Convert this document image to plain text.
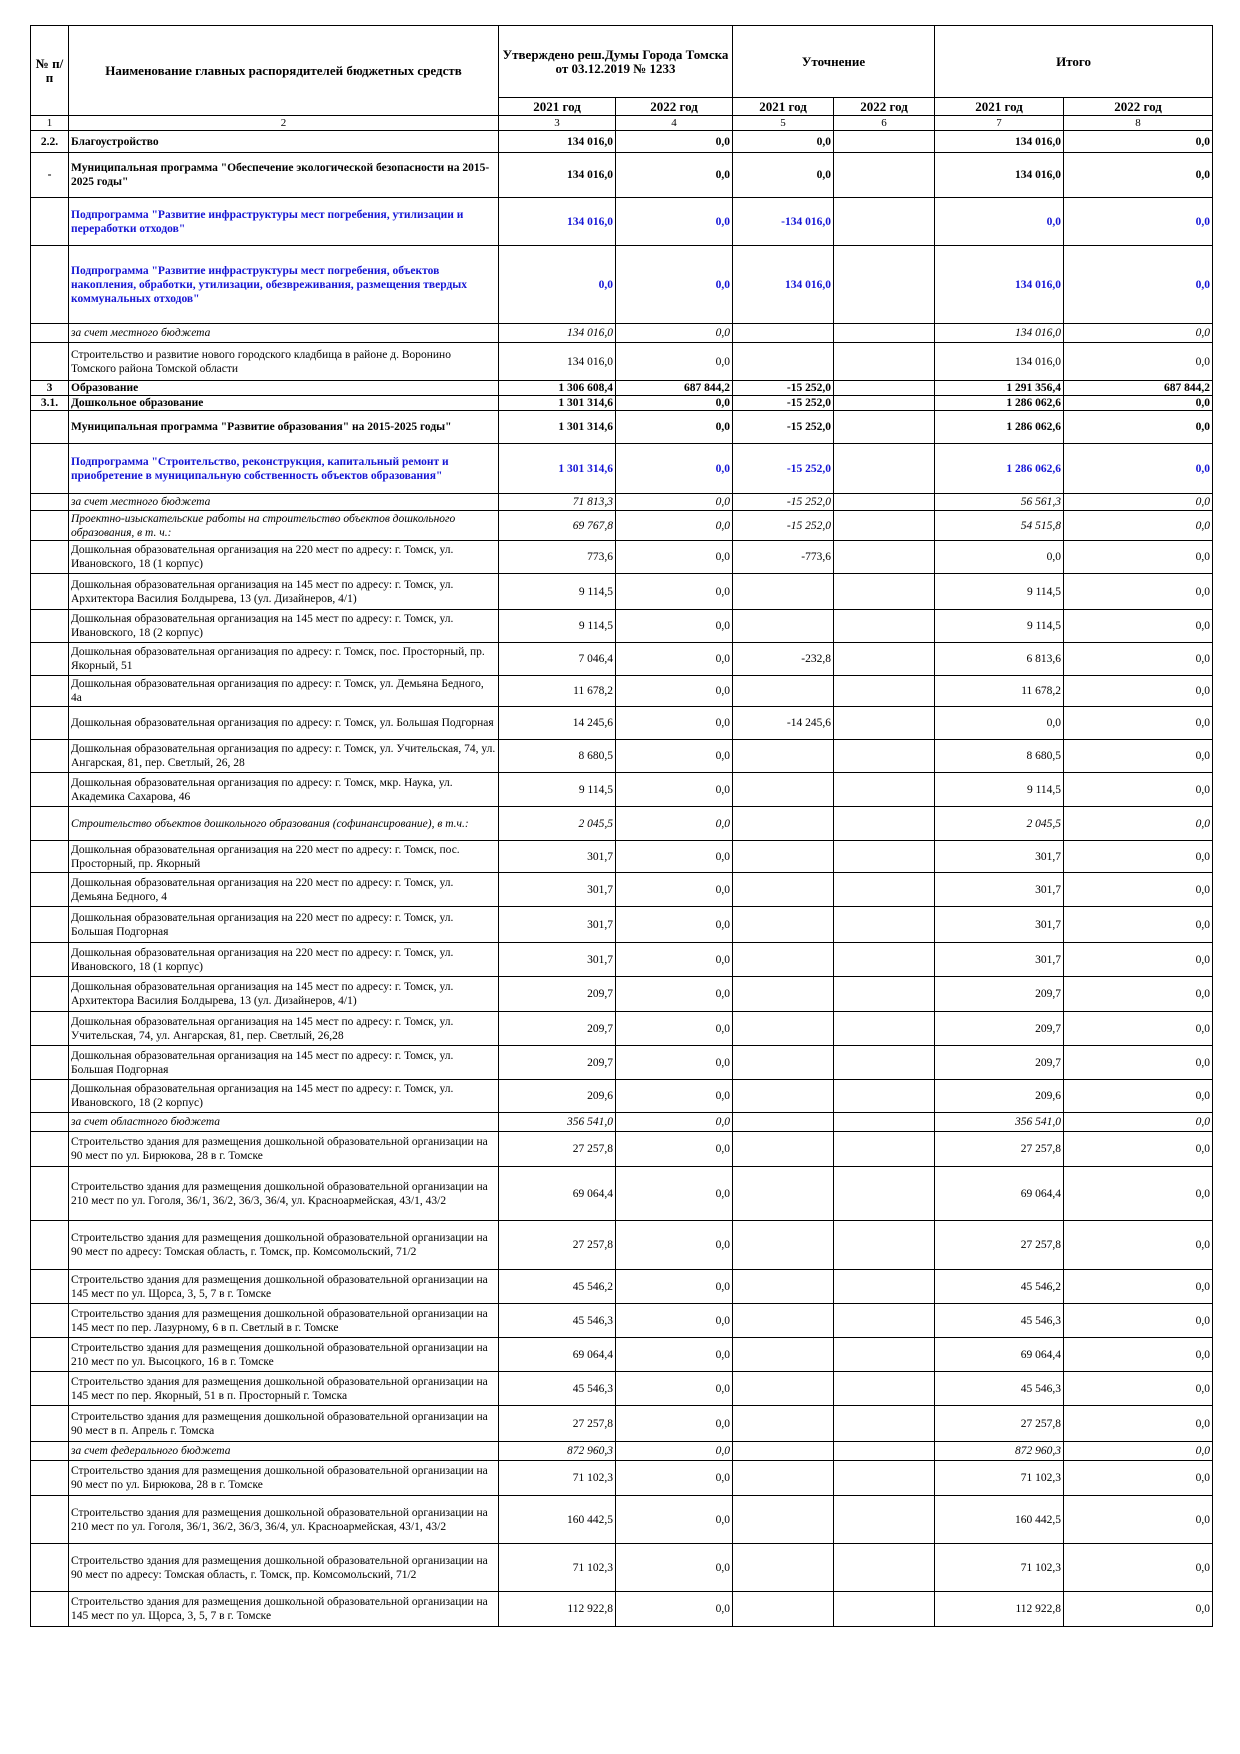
№ п/п	Наименование главных распорядителей бюджетных средств	Утверждено реш.Думы Города Томска от 03.12.2019 № 1233		Уточнение		Итого	
		2021 год	2022 год	2021 год	2022 год	2021 год	2022 год
1	2	3	4	5	6	7	8
2.2.	Благоустройство	134 016,0	0,0	0,0		134 016,0	0,0
-	Муниципальная программа "Обеспечение экологической безопасности на 2015-2025 годы"	134 016,0	0,0	0,0		134 016,0	0,0
	Подпрограмма "Развитие инфраструктуры мест погребения, утилизации и переработки отходов"	134 016,0	0,0	-134 016,0		0,0	0,0
	Подпрограмма "Развитие инфраструктуры мест погребения, объектов накопления, обработки, утилизации, обезвреживания, размещения твердых коммунальных отходов"	0,0	0,0	134 016,0		134 016,0	0,0
	за счет местного бюджета	134 016,0	0,0			134 016,0	0,0
	Строительство и развитие нового городского кладбища в районе д. Воронино Томского района Томской области	134 016,0	0,0			134 016,0	0,0
3	Образование	1 306 608,4	687 844,2	-15 252,0		1 291 356,4	687 844,2
3.1.	Дошкольное образование	1 301 314,6	0,0	-15 252,0		1 286 062,6	0,0
	Муниципальная программа "Развитие образования" на 2015-2025 годы"	1 301 314,6	0,0	-15 252,0		1 286 062,6	0,0
	Подпрограмма "Строительство, реконструкция, капитальный ремонт и приобретение в муниципальную собственность объектов образования"	1 301 314,6	0,0	-15 252,0		1 286 062,6	0,0
	за счет местного бюджета	71 813,3	0,0	-15 252,0		56 561,3	0,0
	Проектно-изыскательские работы на строительство объектов дошкольного образования, в т. ч.:	69 767,8	0,0	-15 252,0		54 515,8	0,0
	Дошкольная образовательная организация на 220 мест по адресу: г. Томск, ул. Ивановского, 18 (1 корпус)	773,6	0,0	-773,6		0,0	0,0
	Дошкольная образовательная организация на 145 мест по адресу: г. Томск, ул. Архитектора Василия Болдырева, 13 (ул. Дизайнеров, 4/1)	9 114,5	0,0			9 114,5	0,0
	Дошкольная образовательная организация на 145 мест по адресу: г. Томск, ул. Ивановского, 18 (2 корпус)	9 114,5	0,0			9 114,5	0,0
	Дошкольная образовательная организация по адресу: г. Томск, пос. Просторный, пр. Якорный, 51	7 046,4	0,0	-232,8		6 813,6	0,0
	Дошкольная образовательная организация по адресу: г. Томск, ул. Демьяна Бедного, 4а	11 678,2	0,0			11 678,2	0,0
	Дошкольная образовательная организация по адресу: г. Томск, ул. Большая Подгорная	14 245,6	0,0	-14 245,6		0,0	0,0
	Дошкольная образовательная организация по адресу: г. Томск, ул. Учительская, 74, ул. Ангарская, 81, пер. Светлый, 26, 28	8 680,5	0,0			8 680,5	0,0
	Дошкольная образовательная организация по адресу: г. Томск, мкр. Наука, ул. Академика Сахарова, 46	9 114,5	0,0			9 114,5	0,0
	Строительство объектов дошкольного образования (софинансирование), в т.ч.:	2 045,5	0,0			2 045,5	0,0
	Дошкольная образовательная организация на 220 мест по адресу: г. Томск, пос. Просторный, пр. Якорный	301,7	0,0			301,7	0,0
	Дошкольная образовательная организация на 220 мест по адресу: г. Томск, ул. Демьяна Бедного, 4	301,7	0,0			301,7	0,0
	Дошкольная образовательная организация на 220 мест по адресу: г. Томск, ул. Большая Подгорная	301,7	0,0			301,7	0,0
	Дошкольная образовательная организация на 220 мест по адресу: г. Томск, ул. Ивановского, 18 (1 корпус)	301,7	0,0			301,7	0,0
	Дошкольная образовательная организация на 145 мест по адресу: г. Томск, ул. Архитектора Василия Болдырева, 13 (ул. Дизайнеров, 4/1)	209,7	0,0			209,7	0,0
	Дошкольная образовательная организация на 145 мест по адресу: г. Томск, ул. Учительская, 74, ул. Ангарская, 81, пер. Светлый, 26,28	209,7	0,0			209,7	0,0
	Дошкольная образовательная организация на 145 мест по адресу: г. Томск, ул. Большая Подгорная	209,7	0,0			209,7	0,0
	Дошкольная образовательная организация на 145 мест по адресу: г. Томск, ул. Ивановского, 18 (2 корпус)	209,6	0,0			209,6	0,0
	за счет областного бюджета	356 541,0	0,0			356 541,0	0,0
	Строительство здания для размещения дошкольной образовательной организации на 90 мест по ул. Бирюкова, 28 в г. Томске	27 257,8	0,0			27 257,8	0,0
	Строительство здания для размещения дошкольной образовательной организации на 210 мест по ул. Гоголя, 36/1, 36/2, 36/3, 36/4, ул. Красноармейская, 43/1, 43/2	69 064,4	0,0			69 064,4	0,0
	Строительство здания для размещения дошкольной образовательной организации на 90 мест по адресу: Томская область, г. Томск, пр. Комсомольский, 71/2	27 257,8	0,0			27 257,8	0,0
	Строительство здания для размещения дошкольной образовательной организации на 145 мест по ул. Щорса, 3, 5, 7 в г. Томске	45 546,2	0,0			45 546,2	0,0
	Строительство здания для размещения дошкольной образовательной организации на 145 мест по пер. Лазурному, 6 в п. Светлый в г. Томске	45 546,3	0,0			45 546,3	0,0
	Строительство здания для размещения дошкольной образовательной организации на 210 мест по ул. Высоцкого, 16 в г. Томске	69 064,4	0,0			69 064,4	0,0
	Строительство здания для размещения дошкольной образовательной организации на 145 мест по пер. Якорный, 51 в п. Просторный г. Томска	45 546,3	0,0			45 546,3	0,0
	Строительство здания для размещения дошкольной образовательной организации на 90 мест в п. Апрель г. Томска	27 257,8	0,0			27 257,8	0,0
	за счет федерального бюджета	872 960,3	0,0			872 960,3	0,0
	Строительство здания для размещения дошкольной образовательной организации на 90 мест по ул. Бирюкова, 28 в г. Томске	71 102,3	0,0			71 102,3	0,0
	Строительство здания для размещения дошкольной образовательной организации на 210 мест по ул. Гоголя, 36/1, 36/2, 36/3, 36/4, ул. Красноармейская, 43/1, 43/2	160 442,5	0,0			160 442,5	0,0
	Строительство здания для размещения дошкольной образовательной организации на 90 мест по адресу: Томская область, г. Томск, пр. Комсомольский, 71/2	71 102,3	0,0			71 102,3	0,0
	Строительство здания для размещения дошкольной образовательной организации на 145 мест по ул. Щорса, 3, 5, 7 в г. Томске	112 922,8	0,0			112 922,8	0,0
